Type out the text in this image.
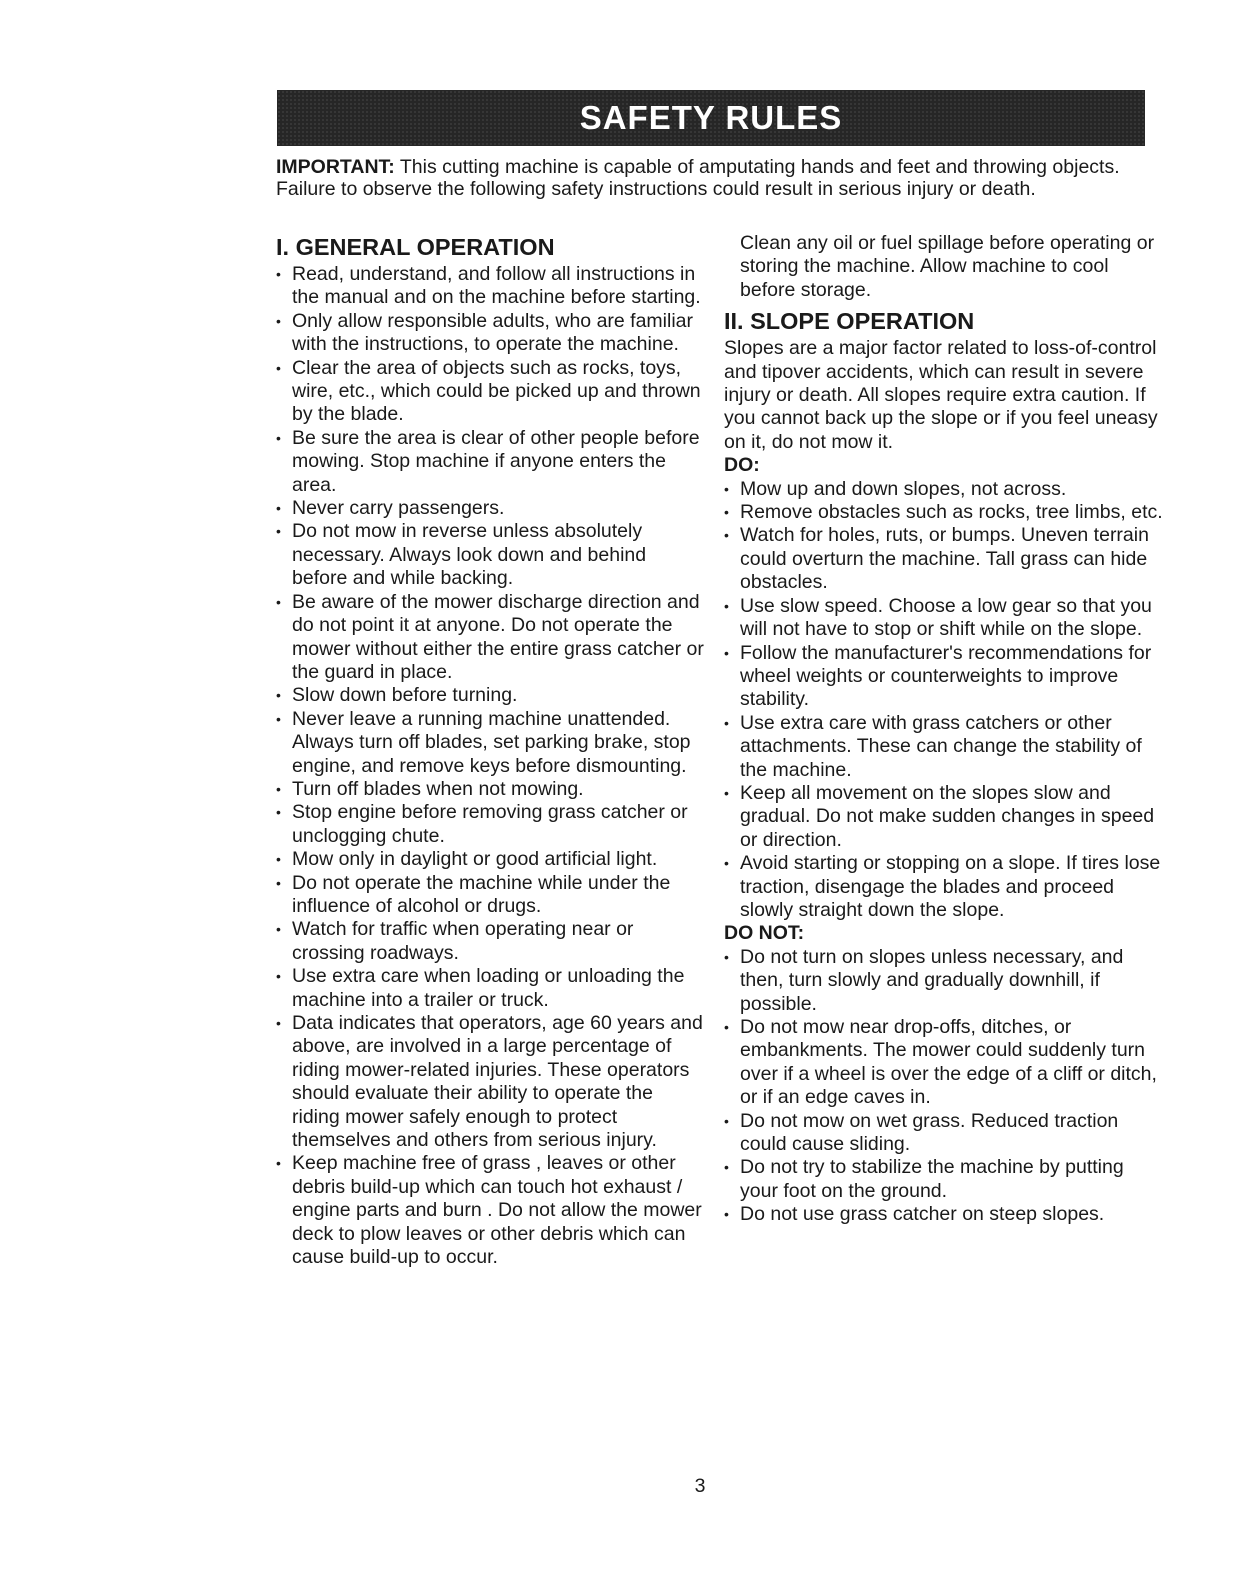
SAFETY RULES

IMPORTANT: This cutting machine is capable of amputating hands and feet and throwing objects. Failure to observe the following safety instructions could result in serious injury or death.

I. GENERAL OPERATION
• Read, understand, and follow all instructions in the manual and on the machine before starting.
• Only allow responsible adults, who are familiar with the instructions, to operate the machine.
• Clear the area of objects such as rocks, toys, wire, etc., which could be picked up and thrown by the blade.
• Be sure the area is clear of other people before mowing. Stop machine if anyone enters the area.
• Never carry passengers.
• Do not mow in reverse unless absolutely necessary. Always look down and behind before and while backing.
• Be aware of the mower discharge direction and do not point it at anyone. Do not operate the mower without either the entire grass catcher or the guard in place.
• Slow down before turning.
• Never leave a running machine unattended. Always turn off blades, set parking brake, stop engine, and remove keys before dismounting.
• Turn off blades when not mowing.
• Stop engine before removing grass catcher or unclogging chute.
• Mow only in daylight or good artificial light.
• Do not operate the machine while under the influence of alcohol or drugs.
• Watch for traffic when operating near or crossing roadways.
• Use extra care when loading or unloading the machine into a trailer or truck.
• Data indicates that operators, age 60 years and above, are involved in a large percentage of riding mower-related injuries. These operators should evaluate their ability to operate the riding mower safely enough to protect themselves and others from serious injury.
• Keep machine free of grass , leaves or other debris build-up which can touch hot exhaust / engine parts and burn . Do not allow the mower deck to plow leaves or other debris which can cause build-up to occur.

Clean any oil or fuel spillage before operating or storing the machine. Allow machine to cool before storage.

II. SLOPE OPERATION

Slopes are a major factor related to loss-of-control and tipover accidents, which can result in severe injury or death. All slopes require extra caution. If you cannot back up the slope or if you feel uneasy on it, do not mow it.

DO:
• Mow up and down slopes, not across.
• Remove obstacles such as rocks, tree limbs, etc.
• Watch for holes, ruts, or bumps. Uneven terrain could overturn the machine. Tall grass can hide obstacles.
• Use slow speed. Choose a low gear so that you will not have to stop or shift while on the slope.
• Follow the manufacturer's recommendations for wheel weights or counterweights to improve stability.
• Use extra care with grass catchers or other attachments. These can change the stability of the machine.
• Keep all movement on the slopes slow and gradual. Do not make sudden changes in speed or direction.
• Avoid starting or stopping on a slope. If tires lose traction, disengage the blades and proceed slowly straight down the slope.
DO NOT:
• Do not turn on slopes unless necessary, and then, turn slowly and gradually downhill, if possible.
• Do not mow near drop-offs, ditches, or embankments. The mower could suddenly turn over if a wheel is over the edge of a cliff or ditch, or if an edge caves in.
• Do not mow on wet grass. Reduced traction could cause sliding.
• Do not try to stabilize the machine by putting your foot on the ground.
• Do not use grass catcher on steep slopes.
3
